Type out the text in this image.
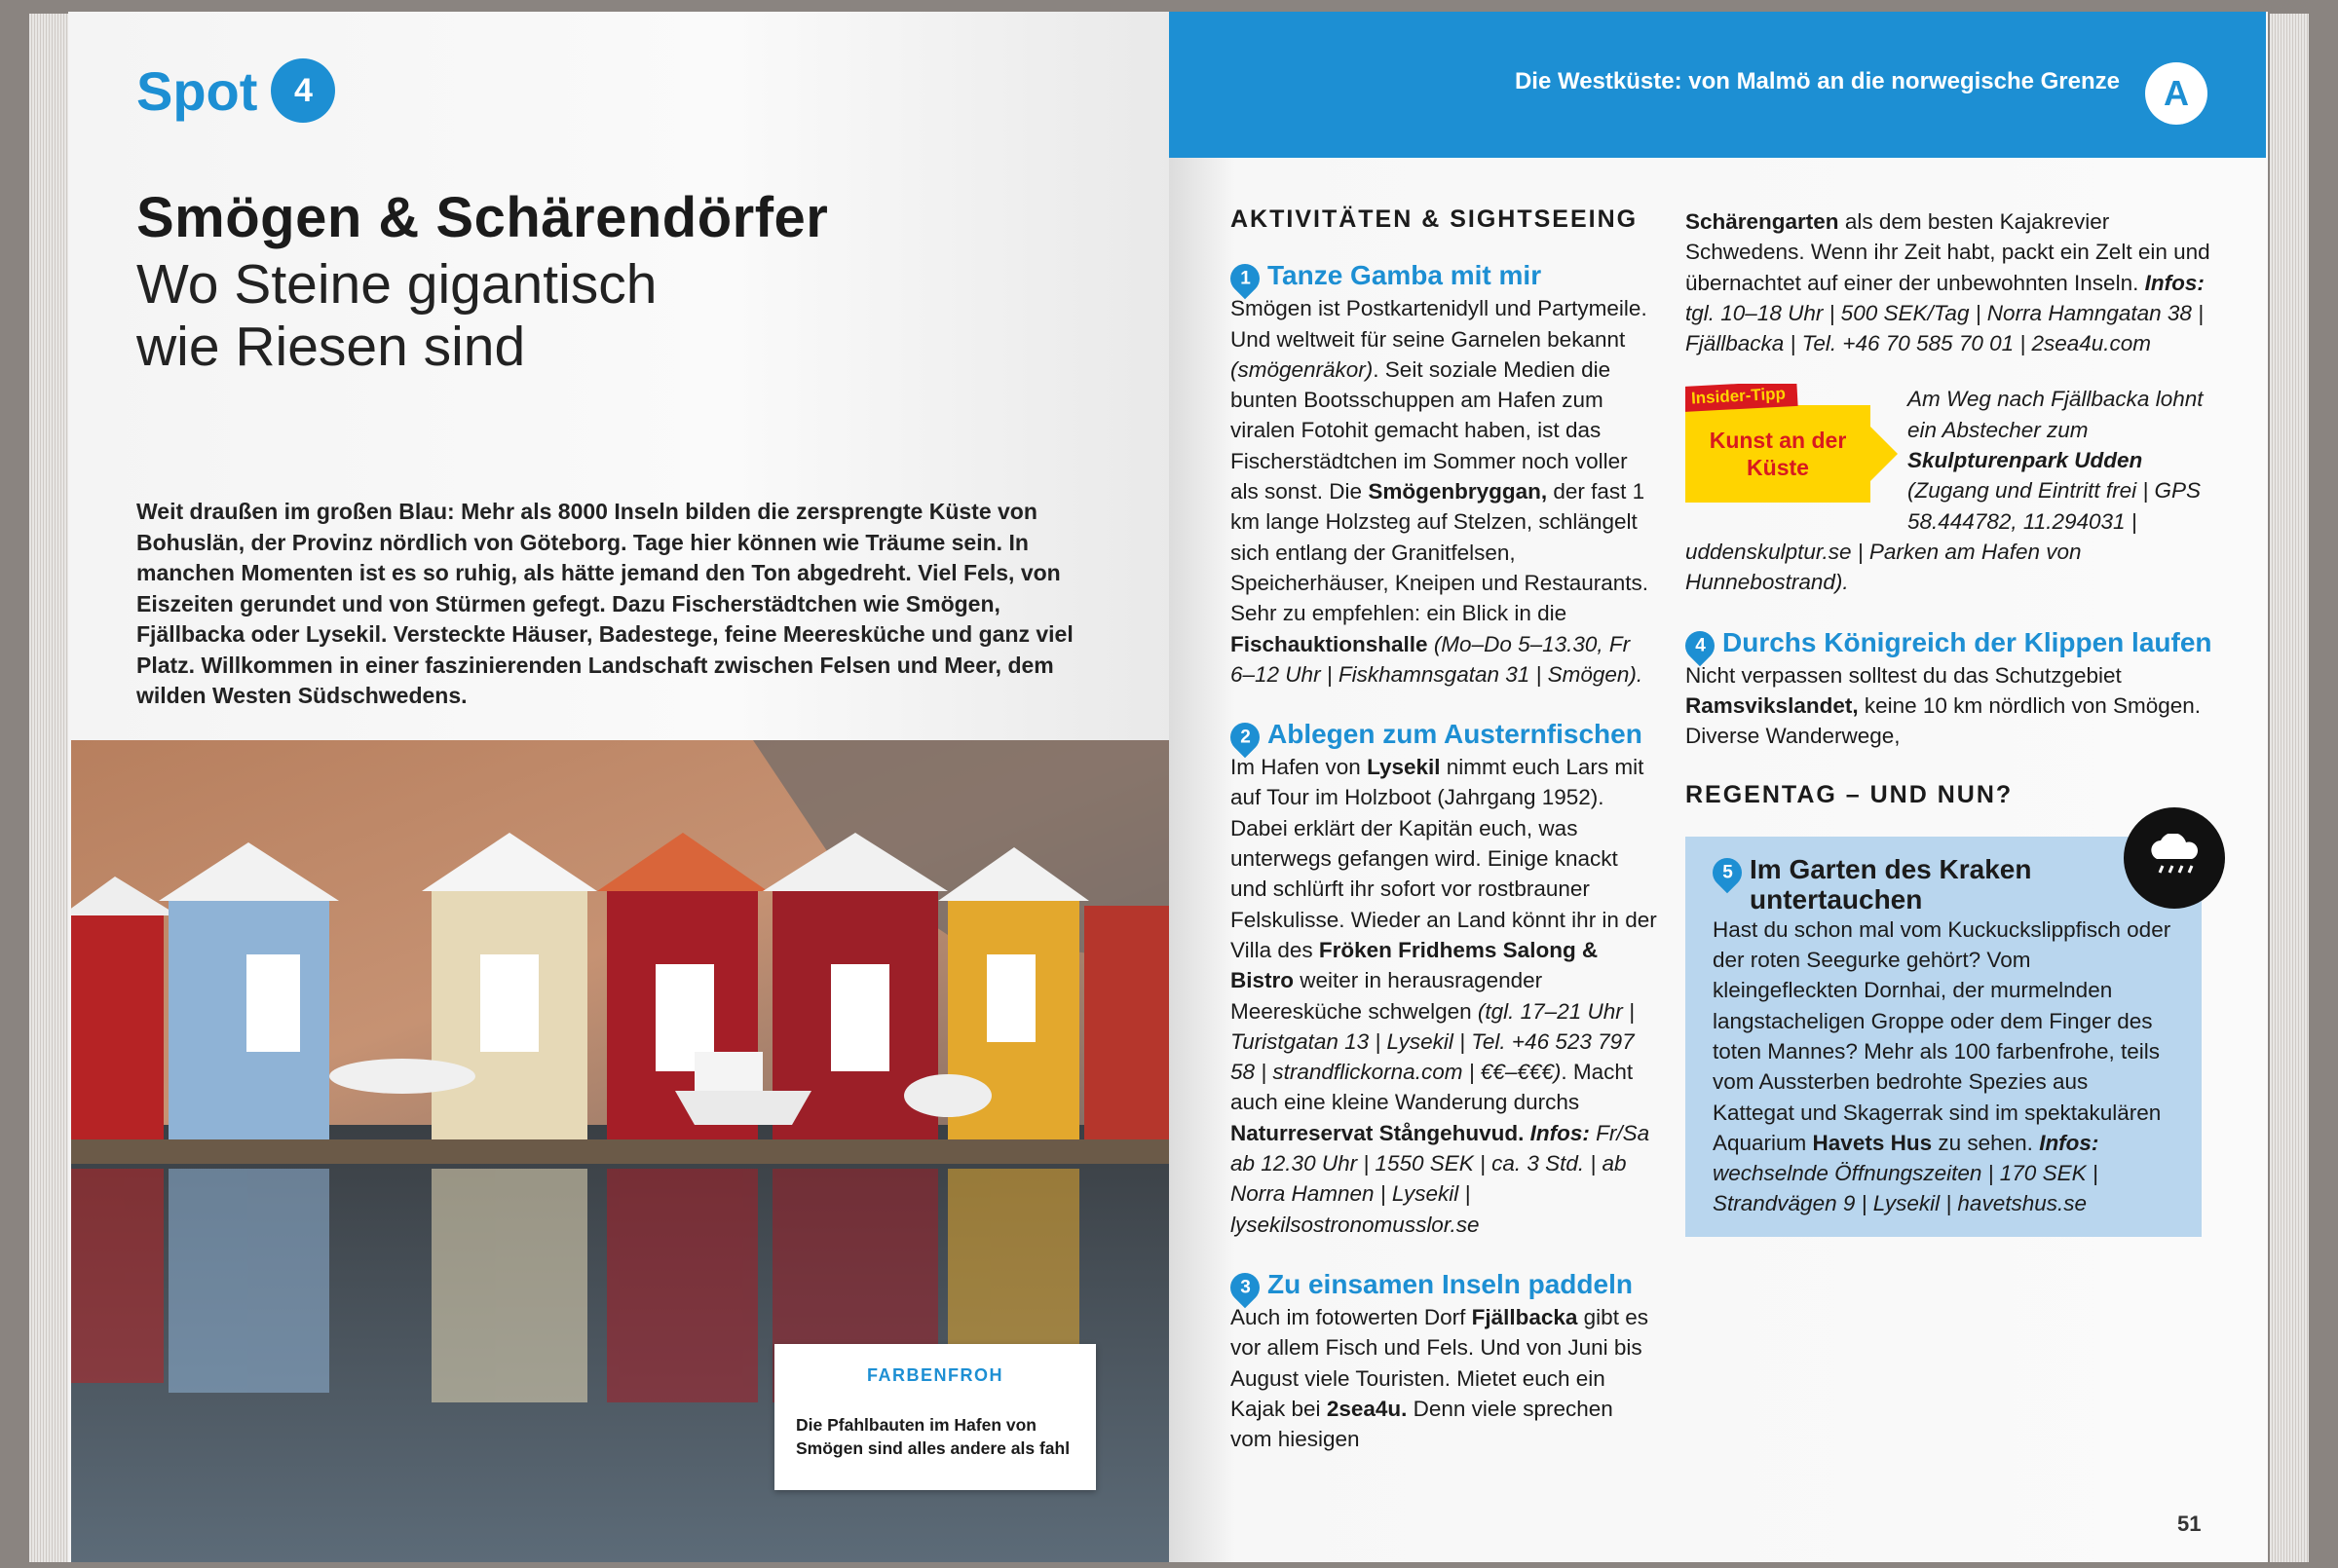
Spot	4
Smögen & Schärendörfer
Wo Steine gigantisch
wie Riesen sind
Weit draußen im großen Blau: Mehr als 8000 Inseln bilden die zersprengte Küste von Bohuslän, der Provinz nördlich von Göteborg. Tage hier können wie Träume sein. In manchen Momenten ist es so ruhig, als hätte jemand den Ton abgedreht. Viel Fels, von Eiszeiten gerundet und von Stürmen gefegt. Dazu Fischerstädtchen wie Smögen, Fjällbacka oder Lysekil. Versteckte Häuser, Badestege, feine Meeresküche und ganz viel Platz. Willkommen in einer faszinierenden Landschaft zwischen Felsen und Meer, dem wilden Westen Südschwedens.
FARBENFROH
Die Pfahlbauten im Hafen von Smögen sind alles andere als fahl
Die Westküste: von Malmö an die norwegische Grenze	A
AKTIVITÄTEN & SIGHTSEEING
1 Tanze Gamba mit mir
Smögen ist Postkartenidyll und Partymeile. Und weltweit für seine Garnelen bekannt (smögenräkor). Seit soziale Medien die bunten Bootsschuppen am Hafen zum viralen Fotohit gemacht haben, ist das Fischerstädtchen im Sommer noch voller als sonst. Die Smögenbryggan, der fast 1 km lange Holzsteg auf Stelzen, schlängelt sich entlang der Granitfelsen, Speicherhäuser, Kneipen und Restaurants. Sehr zu empfehlen: ein Blick in die Fischauktionshalle (Mo–Do 5–13.30, Fr 6–12 Uhr | Fiskhamnsgatan 31 | Smögen).
2 Ablegen zum Austernfischen
Im Hafen von Lysekil nimmt euch Lars mit auf Tour im Holzboot (Jahrgang 1952). Dabei erklärt der Kapitän euch, was unterwegs gefangen wird. Einige knackt und schlürft ihr sofort vor rostbrauner Felskulisse. Wieder an Land könnt ihr in der Villa des Fröken Fridhems Salong & Bistro weiter in herausragender Meeresküche schwelgen (tgl. 17–21 Uhr | Turistgatan 13 | Lysekil | Tel. +46 523 797 58 | strandflickorna.com | €€–€€€). Macht auch eine kleine Wanderung durchs Naturreservat Stångehuvud. Infos: Fr/Sa ab 12.30 Uhr | 1550 SEK | ca. 3 Std. | ab Norra Hamnen | Lysekil | lysekilsostronomusslor.se
3 Zu einsamen Inseln paddeln
Auch im fotowerten Dorf Fjällbacka gibt es vor allem Fisch und Fels. Und von Juni bis August viele Touristen. Mietet euch ein Kajak bei 2sea4u. Denn viele sprechen vom hiesigen
Schärengarten als dem besten Kajakrevier Schwedens. Wenn ihr Zeit habt, packt ein Zelt ein und übernachtet auf einer der unbewohnten Inseln. Infos: tgl. 10–18 Uhr | 500 SEK/Tag | Norra Hamngatan 38 | Fjällbacka | Tel. +46 70 585 70 01 | 2sea4u.com
Kunst an der Küste
Insider-Tipp	Am Weg nach Fjällbacka lohnt ein Abstecher zum Skulpturenpark Udden (Zugang und Eintritt frei | GPS 58.444782, 11.294031 | uddenskulptur.se | Parken am Hafen von Hunnebostrand).
4 Durchs Königreich der Klippen laufen
Nicht verpassen solltest du das Schutzgebiet Ramsvikslandet, keine 10 km nördlich von Smögen. Diverse Wanderwege,
REGENTAG – UND NUN?
5 Im Garten des Kraken untertauchen
Hast du schon mal vom Kuckuckslippfisch oder der roten Seegurke gehört? Vom kleingefleckten Dornhai, der murmelnden langstacheligen Groppe oder dem Finger des toten Mannes? Mehr als 100 farbenfrohe, teils vom Aussterben bedrohte Spezies aus Kattegat und Skagerrak sind im spektakulären Aquarium Havets Hus zu sehen. Infos: wechselnde Öffnungszeiten | 170 SEK | Strandvägen 9 | Lysekil | havetshus.se
51
